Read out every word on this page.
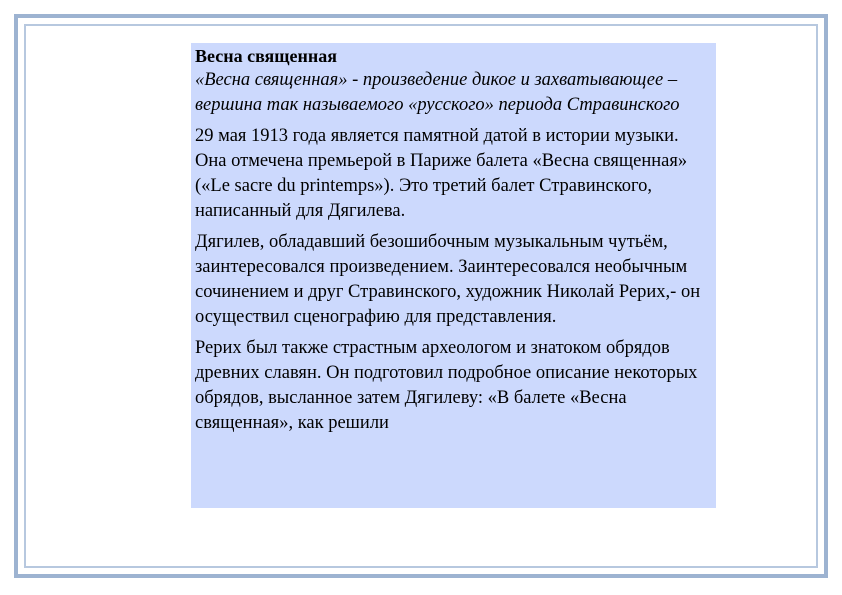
Весна священная

«Весна священная» - произведение дикое и захватывающее – вершина так называемого «русского» периода Стравинского

29 мая 1913 года является памятной датой в истории музыки. Она отмечена премьерой в Париже балета «Весна священная» («Le sacre du printemps»). Это третий балет Стравинского, написанный для Дягилева.

Дягилев, обладавший безошибочным музыкальным чутьём, заинтересовался произведением. Заинтересовался необычным сочинением и друг Стравинского, художник Николай Рерих,- он осуществил сценографию для представления.

Рерих был также страстным археологом и знатоком обрядов древних славян. Он подготовил подробное описание некоторых обрядов, высланное затем Дягилеву: «В балете «Весна священная», как решили
